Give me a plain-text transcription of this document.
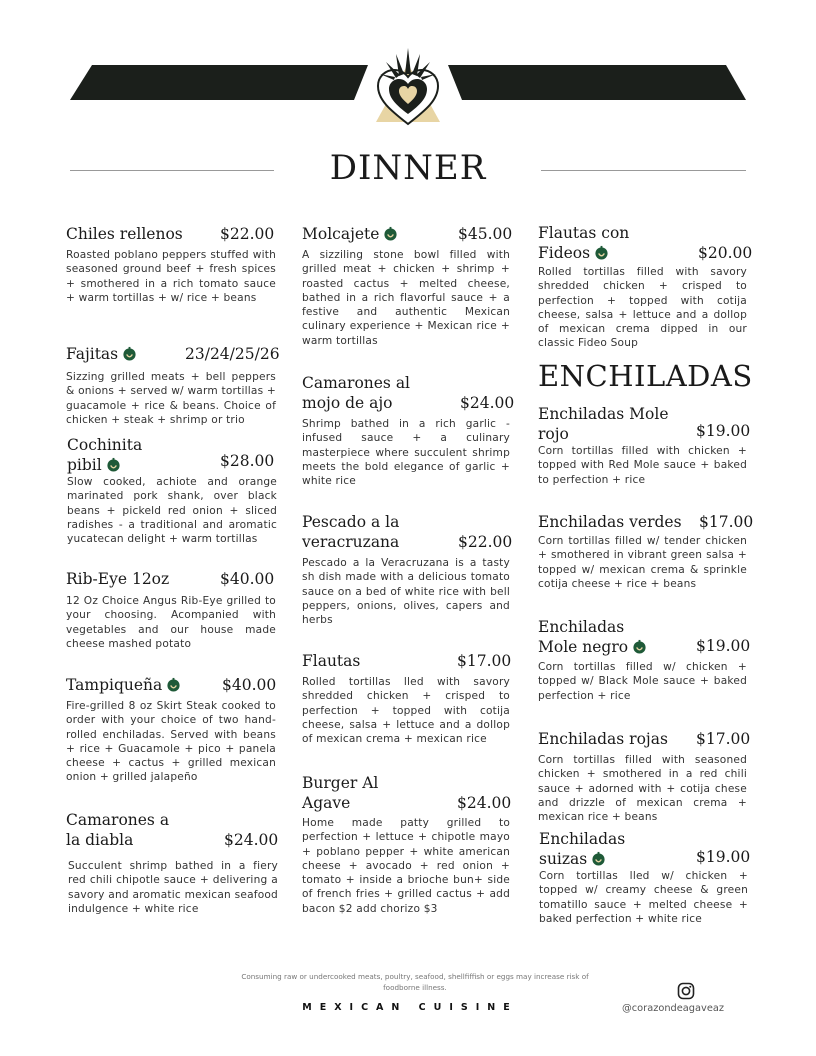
DINNER
Chiles rellenos $22.00
Roasted poblano peppers stuffed with seasoned ground beef + fresh spices + smothered in a rich tomato sauce + warm tortillas + w/ rice + beans
Fajitas	23/24/25/26
Sizzing grilled meats + bell peppers & onions + served w/ warm tortillas + guacamole + rice & beans. Choice of chicken + steak + shrimp or trio
Cochinita pibil	$28.00
Slow cooked, achiote and orange marinated pork shank, over black beans + pickeld red onion + sliced radishes - a traditional and aromatic yucatecan delight + warm tortillas
Rib-Eye 12oz	$40.00
12 Oz Choice Angus Rib-Eye grilled to your choosing. Acompanied with vegetables and our house made cheese mashed potato
Tampiqueña	$40.00
Fire-grilled 8 oz Skirt Steak cooked to order with your choice of two hand-rolled enchiladas. Served with beans + rice + Guacamole + pico + panela cheese + cactus + grilled mexican onion + grilled jalapeño
Camarones a la diabla	$24.00
Succulent shrimp bathed in a fiery red chili chipotle sauce + delivering a savory and aromatic mexican seafood indulgence + white rice
Molcajete	$45.00
A sizziling stone bowl filled with grilled meat + chicken + shrimp + roasted cactus + melted cheese, bathed in a rich flavorful sauce + a festive and authentic Mexican culinary experience + Mexican rice + warm tortillas
Camarones al mojo de ajo	$24.00
Shrimp bathed in a rich garlic - infused sauce + a culinary masterpiece where succulent shrimp meets the bold elegance of garlic + white rice
Pescado a la veracruzana	$22.00
Pescado a la Veracruzana is a tasty sh dish made with a delicious tomato sauce on a bed of white rice with bell peppers, onions, olives, capers and herbs
Flautas	$17.00
Rolled tortillas lled with savory shredded chicken + crisped to perfection + topped with cotija cheese, salsa + lettuce and a dollop of mexican crema + mexican rice
Burger Al Agave	$24.00
Home made patty grilled to perfection + lettuce + chipotle mayo + poblano pepper + white american cheese + avocado + red onion + tomato + inside a brioche bun+ side of french fries + grilled cactus + add bacon $2 add chorizo $3
Flautas con Fideos	$20.00
Rolled tortillas filled with savory shredded chicken + crisped to perfection + topped with cotija cheese, salsa + lettuce and a dollop of mexican crema dipped in our classic Fideo Soup
ENCHILADAS
Enchiladas Mole rojo	$19.00
Corn tortillas filled with chicken + topped with Red Mole sauce + baked to perfection + rice
Enchiladas verdes $17.00
Corn tortillas filled w/ tender chicken + smothered in vibrant green salsa + topped w/ mexican crema & sprinkle cotija cheese + rice + beans
Enchiladas Mole negro	$19.00
Corn tortillas filled w/ chicken + topped w/ Black Mole sauce + baked perfection + rice
Enchiladas rojas $17.00
Corn tortillas filled with seasoned chicken + smothered in a red chili sauce + adorned with + cotija chese and drizzle of mexican crema + mexican rice + beans
Enchiladas suizas	$19.00
Corn tortillas lled w/ chicken + topped w/ creamy cheese & green tomatillo sauce + melted cheese + baked perfection + white rice
Consuming raw or undercooked meats, poultry, seafood, shellfiffish or eggs may increase risk of foodborne illness.
MEXICAN CUISINE	@corazondeagaveaz
